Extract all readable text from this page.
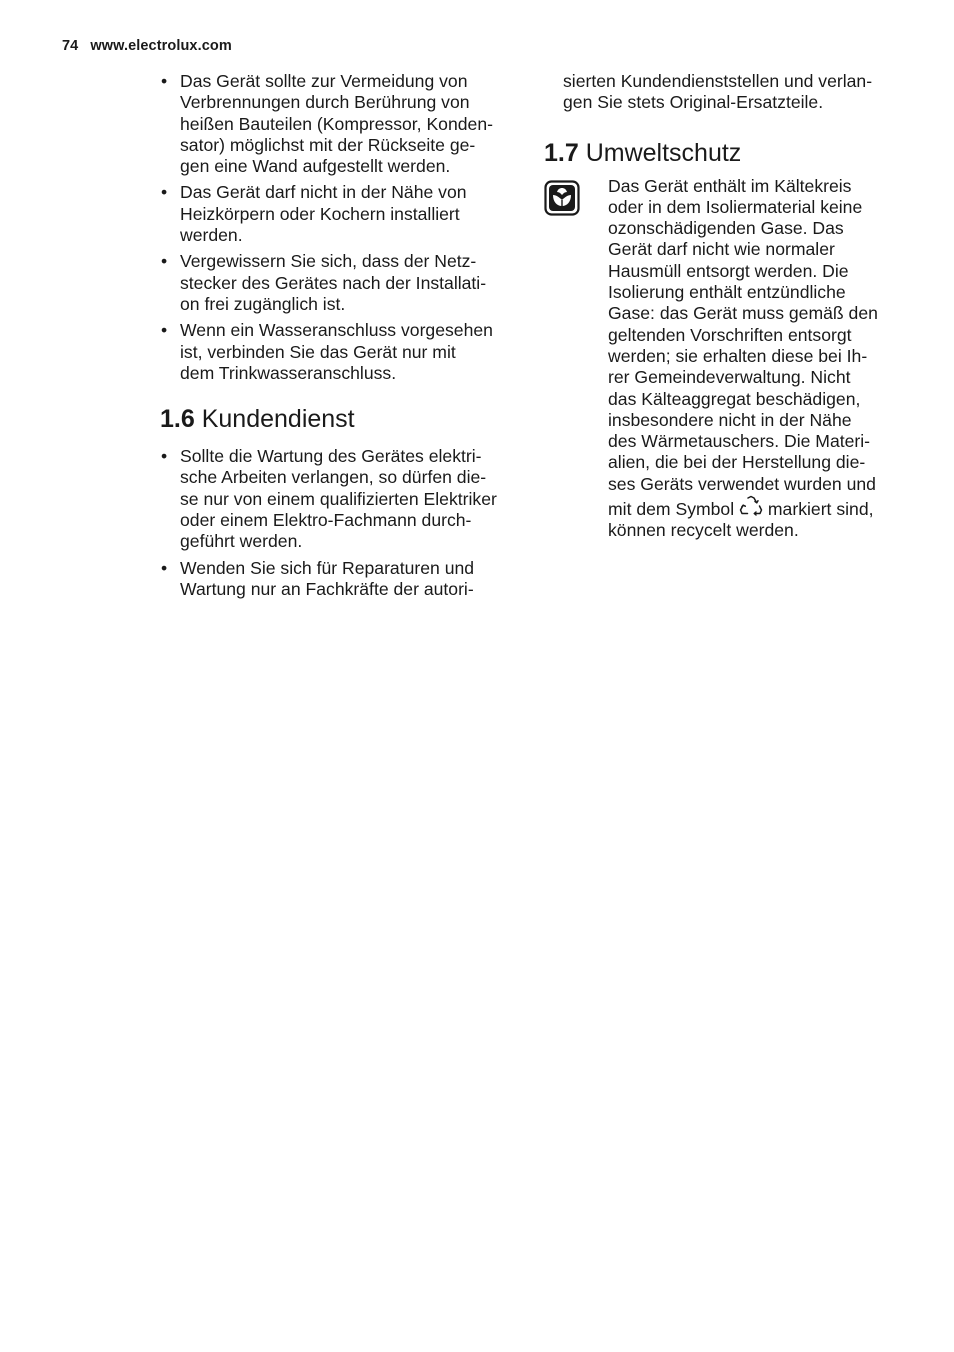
74 www.electrolux.com
• Das Gerät sollte zur Vermeidung von
Verbrennungen durch Berührung von
heißen Bauteilen (Kompressor, Konden-
sator) möglichst mit der Rückseite ge-
gen eine Wand aufgestellt werden.
• Das Gerät darf nicht in der Nähe von
Heizkörpern oder Kochern installiert
werden.
• Vergewissern Sie sich, dass der Netz-
stecker des Gerätes nach der Installati-
on frei zugänglich ist.
• Wenn ein Wasseranschluss vorgesehen
ist, verbinden Sie das Gerät nur mit
dem Trinkwasseranschluss.
1.6 Kundendienst
• Sollte die Wartung des Gerätes elektri-
sche Arbeiten verlangen, so dürfen die-
se nur von einem qualifizierten Elektriker
oder einem Elektro-Fachmann durch-
geführt werden.
• Wenden Sie sich für Reparaturen und
Wartung nur an Fachkräfte der autori-
sierten Kundendienststellen und verlan-
gen Sie stets Original-Ersatzteile.
1.7 Umweltschutz
Das Gerät enthält im Kältekreis
oder in dem Isoliermaterial keine
ozonschädigenden Gase. Das
Gerät darf nicht wie normaler
Hausmüll entsorgt werden. Die
Isolierung enthält entzündliche
Gase: das Gerät muss gemäß den
geltenden Vorschriften entsorgt
werden; sie erhalten diese bei Ih-
rer Gemeindeverwaltung. Nicht
das Kälteaggregat beschädigen,
insbesondere nicht in der Nähe
des Wärmetauschers. Die Materi-
alien, die bei der Herstellung die-
ses Geräts verwendet wurden und
mit dem Symbol  markiert sind,
können recycelt werden.
